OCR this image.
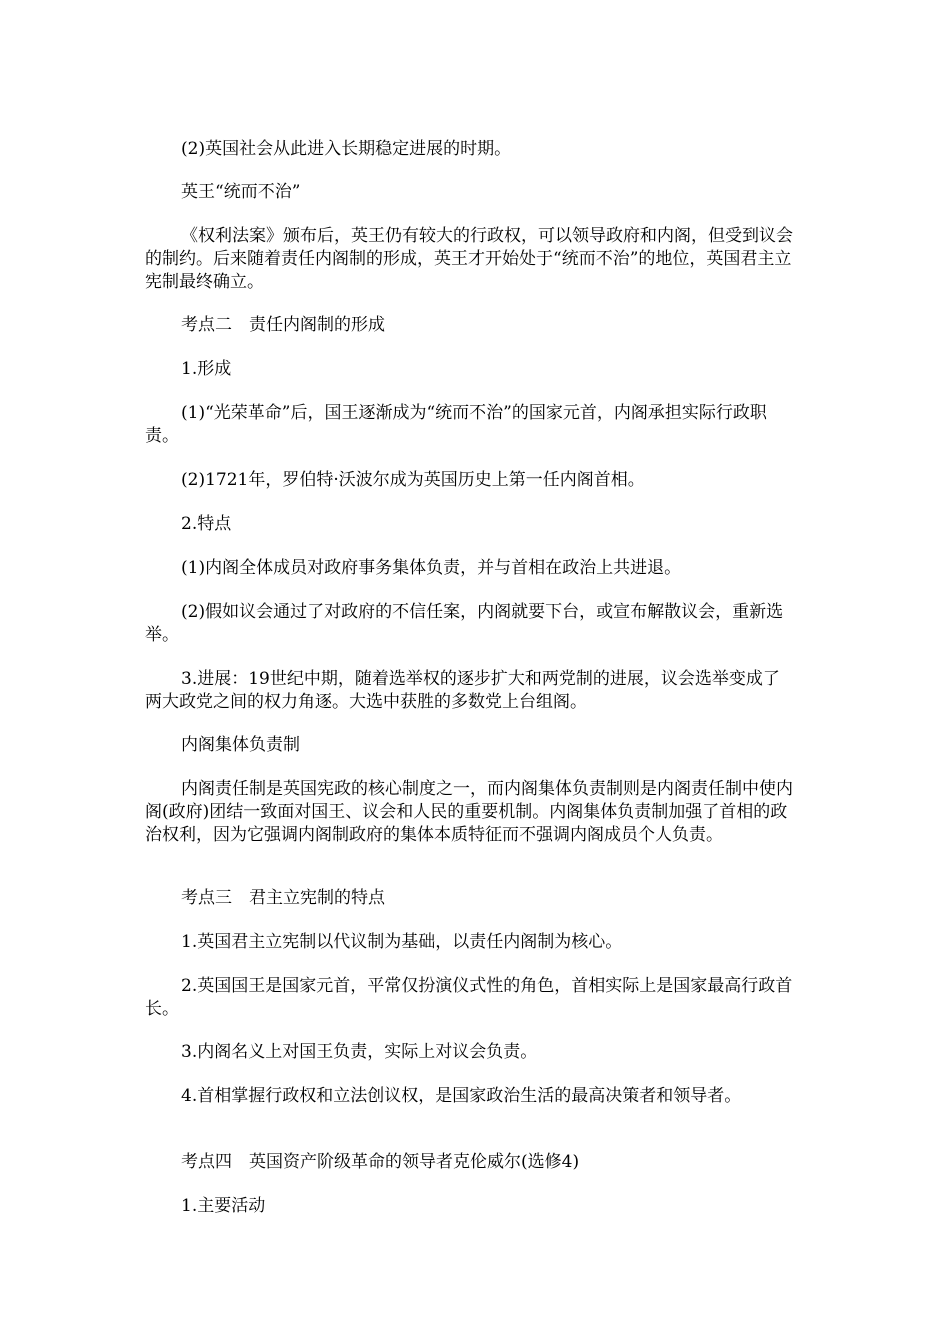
(2)英国社会从此进入长期稳定进展的时期。

英王“统而不治”

《权利法案》颁布后，英王仍有较大的行政权，可以领导政府和内阁，但受到议会的制约。后来随着责任内阁制的形成，英王才开始处于“统而不治”的地位，英国君主立宪制最终确立。

考点二　责任内阁制的形成

1.形成

(1)“光荣革命”后，国王逐渐成为“统而不治”的国家元首，内阁承担实际行政职责。

(2)1721年，罗伯特·沃波尔成为英国历史上第一任内阁首相。

2.特点

(1)内阁全体成员对政府事务集体负责，并与首相在政治上共进退。

(2)假如议会通过了对政府的不信任案，内阁就要下台，或宣布解散议会，重新选举。

3.进展：19世纪中期，随着选举权的逐步扩大和两党制的进展，议会选举变成了两大政党之间的权力角逐。大选中获胜的多数党上台组阁。

内阁集体负责制

内阁责任制是英国宪政的核心制度之一，而内阁集体负责制则是内阁责任制中使内阁(政府)团结一致面对国王、议会和人民的重要机制。内阁集体负责制加强了首相的政治权利，因为它强调内阁制政府的集体本质特征而不强调内阁成员个人负责。

考点三　君主立宪制的特点

1.英国君主立宪制以代议制为基础，以责任内阁制为核心。

2.英国国王是国家元首，平常仅扮演仪式性的角色，首相实际上是国家最高行政首长。

3.内阁名义上对国王负责，实际上对议会负责。

4.首相掌握行政权和立法创议权，是国家政治生活的最高决策者和领导者。

考点四　英国资产阶级革命的领导者克伦威尔(选修4)

1.主要活动
